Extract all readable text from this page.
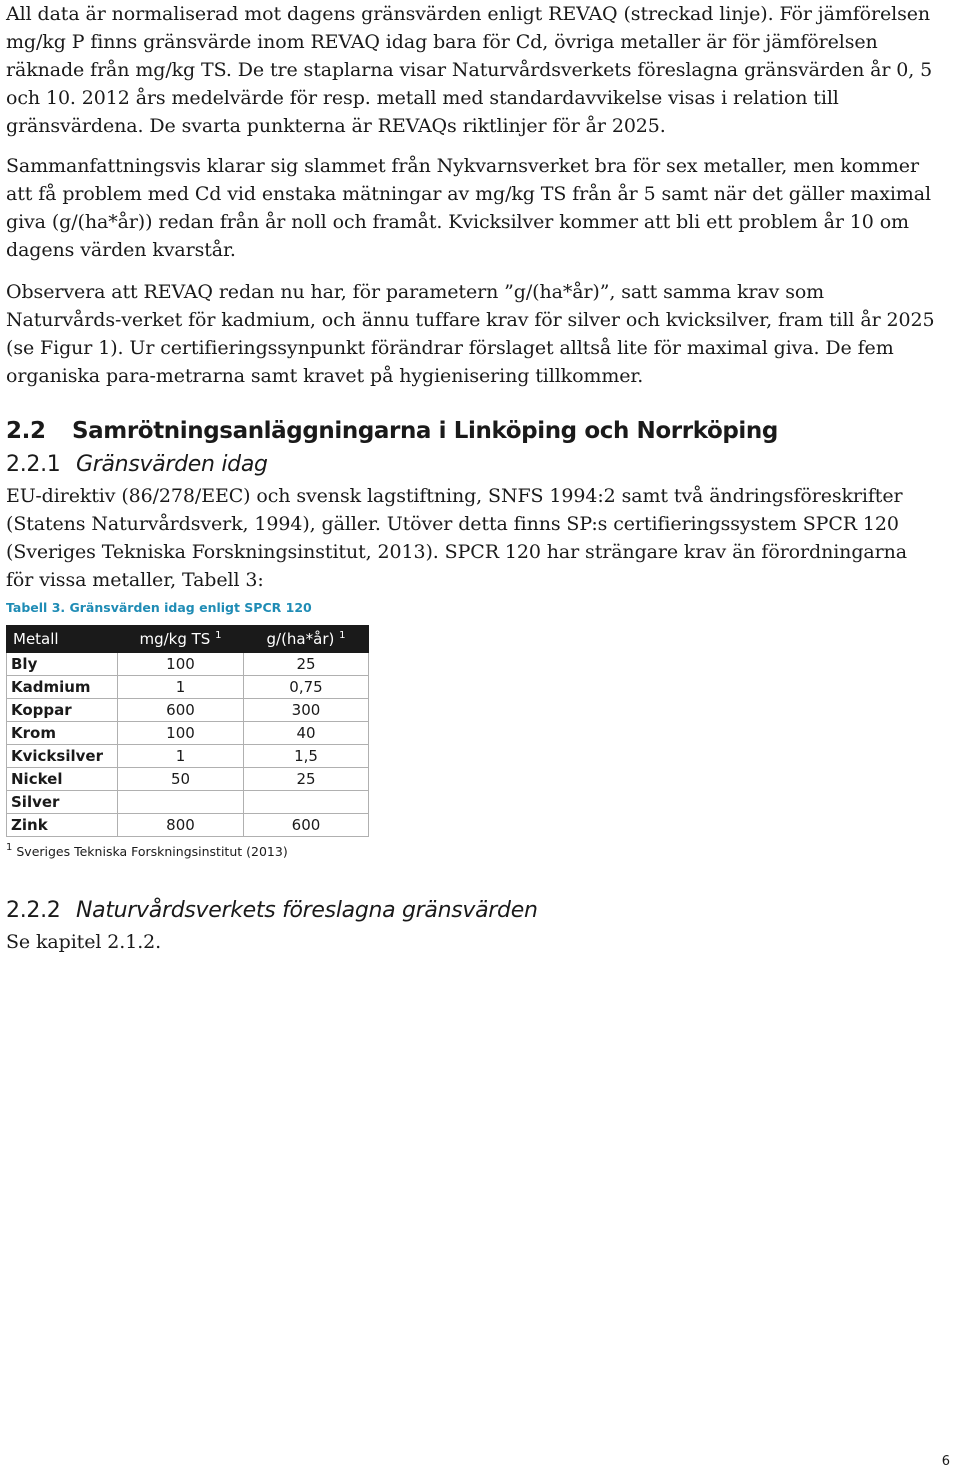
All data är normaliserad mot dagens gränsvärden enligt REVAQ (streckad linje). För jämförelsen mg/kg P finns gränsvärde inom REVAQ idag bara för Cd, övriga metaller är för jämförelsen räknade från mg/kg TS. De tre staplarna visar Naturvårdsverkets föreslagna gränsvärden år 0, 5 och 10. 2012 års medelvärde för resp. metall med standardavvikelse visas i relation till gränsvärdena. De svarta punkterna är REVAQs riktlinjer för år 2025.

Sammanfattningsvis klarar sig slammet från Nykvarnsverket bra för sex metaller, men kommer att få problem med Cd vid enstaka mätningar av mg/kg TS från år 5 samt när det gäller maximal giva (g/(ha*år)) redan från år noll och framåt. Kvicksilver kommer att bli ett problem år 10 om dagens värden kvarstår.

Observera att REVAQ redan nu har, för parametern ”g/(ha*år)”, satt samma krav som Naturvårds-verket för kadmium, och ännu tuffare krav för silver och kvicksilver, fram till år 2025 (se Figur 1). Ur certifieringssynpunkt förändrar förslaget alltså lite för maximal giva. De fem organiska para-metrarna samt kravet på hygienisering tillkommer.

2.2 Samrötningsanläggningarna i Linköping och Norrköping
2.2.1 Gränsvärden idag

EU-direktiv (86/278/EEC) och svensk lagstiftning, SNFS 1994:2 samt två ändringsföreskrifter (Statens Naturvårdsverk, 1994), gäller. Utöver detta finns SP:s certifieringssystem SPCR 120 (Sveriges Tekniska Forskningsinstitut, 2013). SPCR 120 har strängare krav än förordningarna för vissa metaller, Tabell 3:

Tabell 3. Gränsvärden idag enligt SPCR 120

Metall	mg/kg TS $^1$	g/(ha*år) $^1$
Bly	100	25
Kadmium	1	0,75
Koppar	600	300
Krom	100	40
Kvicksilver	1	1,5
Nickel	50	25
Silver		
Zink	800	600

$^1$ Sveriges Tekniska Forskningsinstitut (2013)

2.2.2 Naturvårdsverkets föreslagna gränsvärden

Se kapitel 2.1.2.

6
